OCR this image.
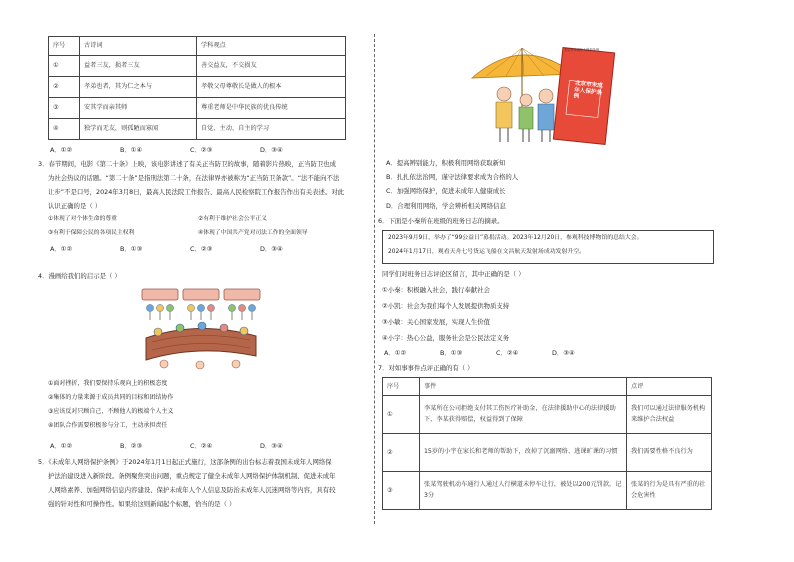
序号	古诗词	学科观点
①	益者三友，损者三友	善交益友，不交损友
②	孝弟也者，其为仁之本与	孝敬父母尊敬长是做人的根本
③	安其学而亲其师	尊重老师是中华民族的优良传统
④	独学而无友，则孤陋而寡闻	自觉、主动、自主的学习
A．①②	B．①④	C．②③	D．③④
3．春节期间，电影《第二十条》上映，该电影讲述了有关正当防卫的故事，随着影片热映，正当防卫也成
为社会热议的话题。“第二十条”是指刑法第二十条，在法律界亦被称为“正当防卫条款”。“法不能向不法
让步”不是口号，2024年3月8日，最高人民法院工作报告、最高人民检察院工作报告作出有关表述。对此
认识正确的是（ ）
①体现了对个体生命的尊重	②有利于维护社会公平正义
③有利于保障公民的各项民主权利	④体现了中国共产党对司法工作的全面领导
A．①②	B．①③	C．②③	D．③④
4．漫画给我们的启示是（ ）
①面对挫折，我们要保持乐观向上的积极态度
②集体的力量来源于成员共同的目标和团结协作
③应该反对只顾自己，不顾他人的极端个人主义
④团队合作需要积极参与分工，主动承担责任
A．①②	B．②③	C．②④	D．③④
5．《未成年人网络保护条例》于2024年1月1日起正式施行，这部条例的出台标志着我国未成年人网络保
护法治建设进入新阶段。条例聚焦突出问题，重点规定了健全未成年人网络保护体制机制、促进未成年
人网络素养、加强网络信息内容建设、保护未成年人个人信息及防治未成年人沉迷网络等内容，具有较
强的针对性和可操作性。如果给这则新闻起个标题，恰当的是（ ）
北京市未成年人保护条例
北京市未成年人保护条例
A．提高辨别能力，积极利用网络获取新知
B．扎扎依法治网，谨守法律要求成为合格的人
C．加强网络保护，促进未成年人健康成长
D．合理利用网络，学会辨析相关网络信息
6．下面是小秦所在班级的班务日志的摘录。
2023年9月9日，举办了“99公益日”募捐活动。2023年12月20日，参观科技博物馆的总结大会。
2024年1月17日，观看天舟七号货运飞船在文昌航天发射场成功发射升空。
同学们对班务日志评论区留言，其中正确的是（ ）
①小秦：积极融入社会，践行奉献社会
②小凯：社会为我们每个人发展提供物质支持
③小敏：关心国家发展，实现人生价值
④小宇：热心公益，服务社会是公民法定义务
A．①②	B．①③	C．②④	D．③④
7．对如事事件点评正确的有（ ）
序号	事件	点评
①	李某所在公司拒绝支付其工伤医疗补助金，在法律援助中心的法律援助下，李某获得赔偿，权益得到了保障	我们可以通过法律服务机构来维护合法权益
②	15岁的小宇在家长和老师的帮助下，改掉了沉溺网络、逃课旷课的习惯	我们需要性格不良行为
③	张某驾驶机动车通行人通过人行横道未停车让行，被处以200元罚款，记3分	张某的行为是具有严重的社会危害性
